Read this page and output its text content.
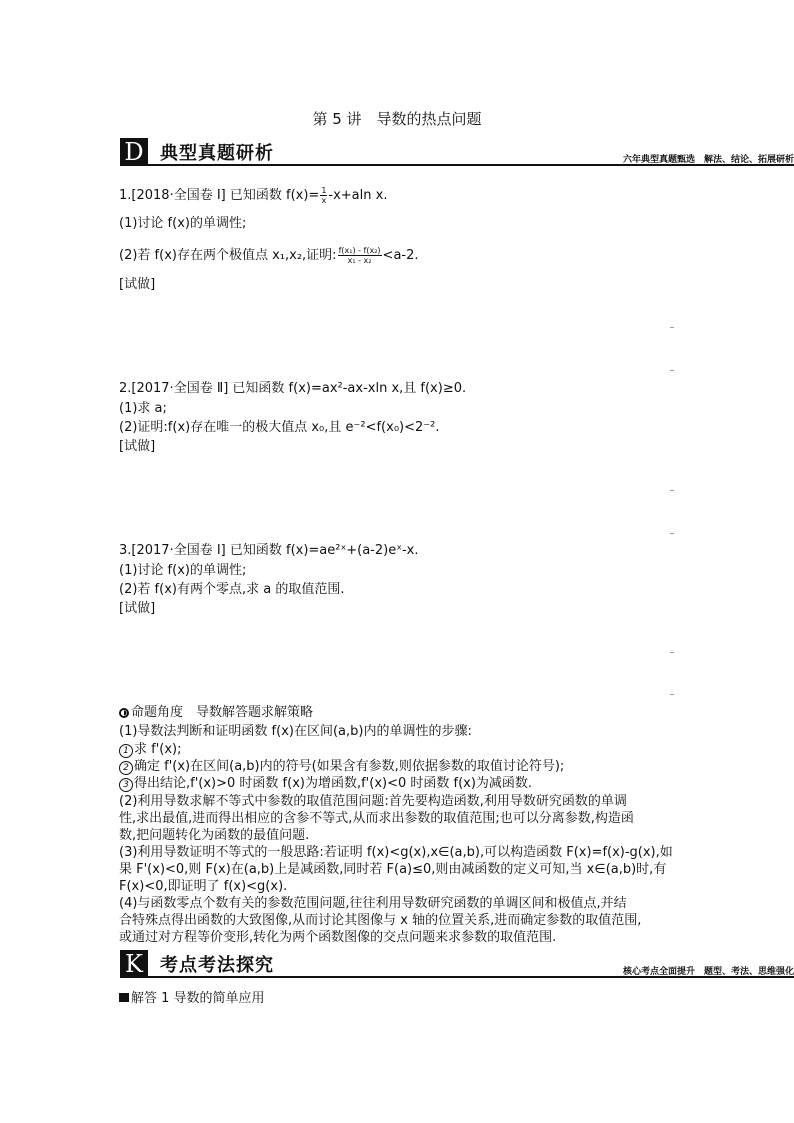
第 5 讲　导数的热点问题
D 典型真题研析	六年典型真题甄选　解法、结论、拓展研析
1.[2018·全国卷 Ⅰ] 已知函数 $f(x)= \frac{1}{x} -x+aln$ x.
(1)讨论 f(x)的单调性;
(2)若 f(x)存在两个极值点 x₁,x₂,证明: $\frac{\text{f(x₁) - f(x₂)}}{\text{x₁ - x₂}} <a-2$.
[试做]
2.[2017·全国卷 Ⅱ] 已知函数 f(x)=ax²-ax-xln x,且 f(x)≥0.
(1)求 a;
(2)证明:f(x)存在唯一的极大值点 x₀,且 e⁻²<f(x₀)<2⁻².
[试做]
3.[2017·全国卷 Ⅰ] 已知函数 f(x)=ae²ˣ+(a-2)eˣ-x.
(1)讨论 f(x)的单调性;
(2)若 f(x)有两个零点,求 a 的取值范围.
[试做]
◐ 命题角度　导数解答题求解策略
(1)导数法判断和证明函数 f(x)在区间(a,b)内的单调性的步骤:
1 求 f'(x);
2 确定 f'(x)在区间(a,b)内的符号(如果含有参数,则依据参数的取值讨论符号);
3 得出结论,f'(x)>0 时函数 f(x)为增函数,f'(x)<0 时函数 f(x)为减函数.
(2)利用导数求解不等式中参数的取值范围问题:首先要构造函数,利用导数研究函数的单调
性,求出最值,进而得出相应的含参不等式,从而求出参数的取值范围;也可以分离参数,构造函
数,把问题转化为函数的最值问题.
(3)利用导数证明不等式的一般思路:若证明 f(x)<g(x),x∈(a,b),可以构造函数 F(x)=f(x)-g(x),如
果 F'(x)<0,则 F(x)在(a,b)上是减函数,同时若 F(a)≤0,则由减函数的定义可知,当 x∈(a,b)时,有
F(x)<0,即证明了 f(x)<g(x).
(4)与函数零点个数有关的参数范围问题,往往利用导数研究函数的单调区间和极值点,并结
合特殊点得出函数的大致图像,从而讨论其图像与 x 轴的位置关系,进而确定参数的取值范围,
或通过对方程等价变形,转化为两个函数图像的交点问题来求参数的取值范围.
K 考点考法探究	核心考点全面提升　题型、考法、思维强化
解答 1 导数的简单应用
